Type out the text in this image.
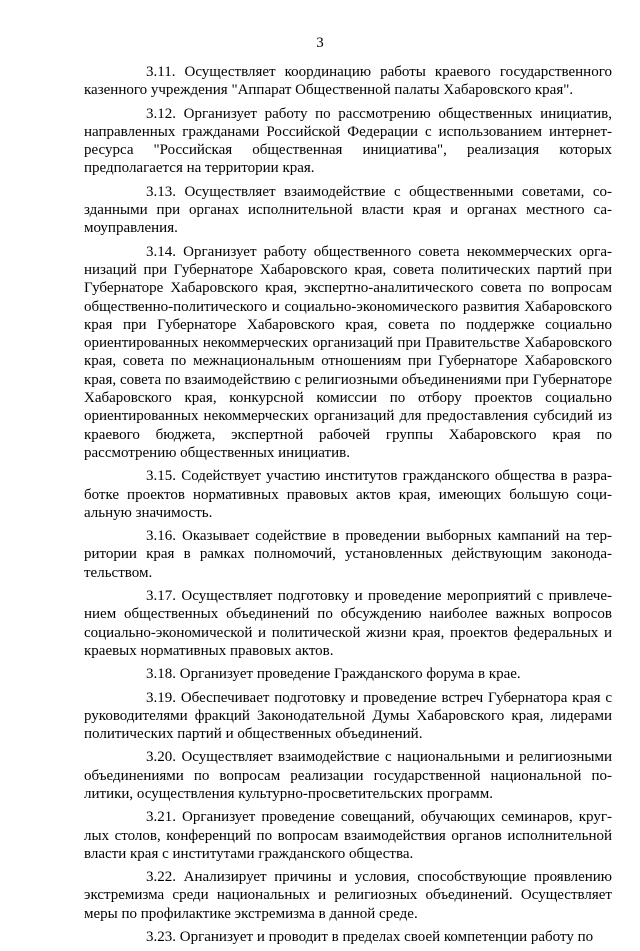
3

3.11. Осуществляет координацию работы краевого государственного казенного учреждения "Аппарат Общественной палаты Хабаровского края".

3.12. Организует работу по рассмотрению общественных инициатив, направленных гражданами Российской Федерации с использованием интернет-ресурса "Российская общественная инициатива", реализация которых предполагается на территории края.

3.13. Осуществляет взаимодействие с общественными советами, созданными при органах исполнительной власти края и органах местного самоуправления.

3.14. Организует работу общественного совета некоммерческих организаций при Губернаторе Хабаровского края, совета политических партий при Губернаторе Хабаровского края, экспертно-аналитического совета по вопросам общественно-политического и социально-экономического развития Хабаровского края при Губернаторе Хабаровского края, совета по поддержке социально ориентированных некоммерческих организаций при Правительстве Хабаровского края, совета по межнациональным отношениям при Губернаторе Хабаровского края, совета по взаимодействию с религиозными объединениями при Губернаторе Хабаровского края, конкурсной комиссии по отбору проектов социально ориентированных некоммерческих организаций для предоставления субсидий из краевого бюджета, экспертной рабочей группы Хабаровского края по рассмотрению общественных инициатив.

3.15. Содействует участию институтов гражданского общества в разработке проектов нормативных правовых актов края, имеющих большую социальную значимость.

3.16. Оказывает содействие в проведении выборных кампаний на территории края в рамках полномочий, установленных действующим законодательством.

3.17. Осуществляет подготовку и проведение мероприятий с привлечением общественных объединений по обсуждению наиболее важных вопросов социально-экономической и политической жизни края, проектов федеральных и краевых нормативных правовых актов.

3.18. Организует проведение Гражданского форума в крае.

3.19. Обеспечивает подготовку и проведение встреч Губернатора края с руководителями фракций Законодательной Думы Хабаровского края, лидерами политических партий и общественных объединений.

3.20. Осуществляет взаимодействие с национальными и религиозными объединениями по вопросам реализации государственной национальной политики, осуществления культурно-просветительских программ.

3.21. Организует проведение совещаний, обучающих семинаров, круглых столов, конференций по вопросам взаимодействия органов исполнительной власти края с институтами гражданского общества.

3.22. Анализирует причины и условия, способствующие проявлению экстремизма среди национальных и религиозных объединений. Осуществляет меры по профилактике экстремизма в данной среде.

3.23. Организует и проводит в пределах своей компетенции работу по
